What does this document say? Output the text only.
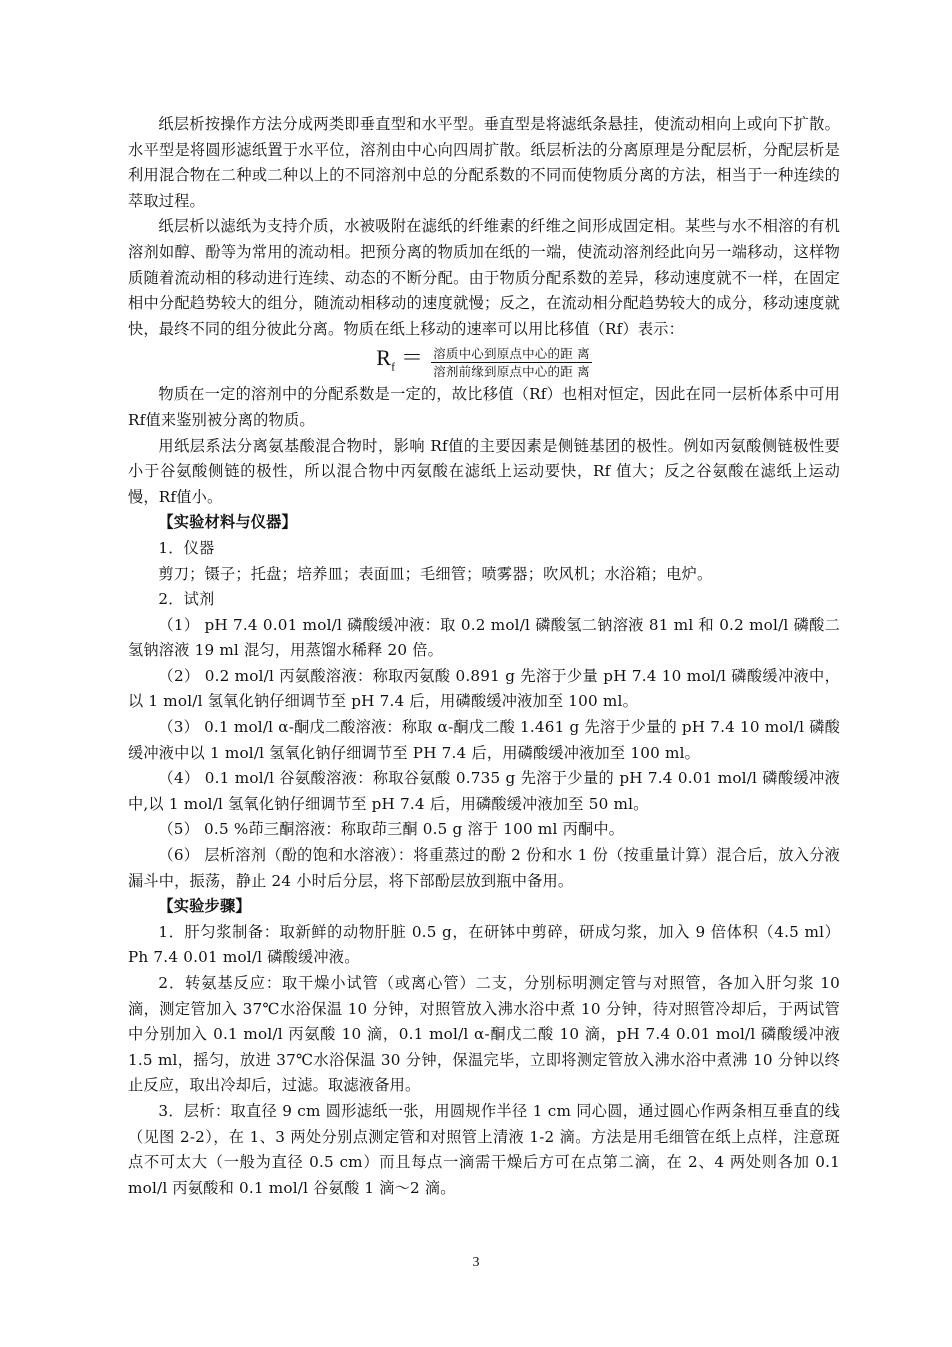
纸层析按操作方法分成两类即垂直型和水平型。垂直型是将滤纸条悬挂，使流动相向上或向下扩散。水平型是将圆形滤纸置于水平位，溶剂由中心向四周扩散。纸层析法的分离原理是分配层析，分配层析是利用混合物在二种或二种以上的不同溶剂中总的分配系数的不同而使物质分离的方法，相当于一种连续的萃取过程。

纸层析以滤纸为支持介质，水被吸附在滤纸的纤维素的纤维之间形成固定相。某些与水不相溶的有机溶剂如醇、酚等为常用的流动相。把预分离的物质加在纸的一端，使流动溶剂经此向另一端移动，这样物质随着流动相的移动进行连续、动态的不断分配。由于物质分配系数的差异，移动速度就不一样，在固定相中分配趋势较大的组分，随流动相移动的速度就慢；反之，在流动相分配趋势较大的成分，移动速度就快，最终不同的组分彼此分离。物质在纸上移动的速率可以用比移值（Rf）表示：

$R_f = \frac{\text{溶质中心到原点中心的距 离}}{\text{溶剂前缘到原点中心的距 离}}$

物质在一定的溶剂中的分配系数是一定的，故比移值（Rf）也相对恒定，因此在同一层析体系中可用 Rf值来鉴别被分离的物质。

用纸层系法分离氨基酸混合物时，影响 Rf值的主要因素是侧链基团的极性。例如丙氨酸侧链极性要小于谷氨酸侧链的极性，所以混合物中丙氨酸在滤纸上运动要快，Rf 值大；反之谷氨酸在滤纸上运动慢，Rf值小。

【实验材料与仪器】

1．仪器

剪刀；镊子；托盘；培养皿；表面皿；毛细管；喷雾器；吹风机；水浴箱；电炉。

2．试剂

（1） pH 7.4 0.01 mol/l 磷酸缓冲液：取 0.2 mol/l 磷酸氢二钠溶液 81 ml 和 0.2 mol/l 磷酸二氢钠溶液 19 ml 混匀，用蒸馏水稀释 20 倍。

（2） 0.2 mol/l 丙氨酸溶液：称取丙氨酸 0.891 g 先溶于少量 pH 7.4 10 mol/l 磷酸缓冲液中，以 1 mol/l 氢氧化钠仔细调节至 pH 7.4 后，用磷酸缓冲液加至 100 ml。

（3） 0.1 mol/l α-酮戊二酸溶液：称取 α-酮戊二酸 1.461 g 先溶于少量的 pH 7.4 10 mol/l 磷酸缓冲液中以 1 mol/l 氢氧化钠仔细调节至 PH 7.4 后，用磷酸缓冲液加至 100 ml。

（4） 0.1 mol/l 谷氨酸溶液：称取谷氨酸 0.735 g 先溶于少量的 pH 7.4 0.01 mol/l 磷酸缓冲液中,以 1 mol/l 氢氧化钠仔细调节至 pH 7.4 后，用磷酸缓冲液加至 50 ml。

（5） 0.5 %茚三酮溶液：称取茚三酮 0.5 g 溶于 100 ml 丙酮中。

（6） 层析溶剂（酚的饱和水溶液）：将重蒸过的酚 2 份和水 1 份（按重量计算）混合后，放入分液漏斗中，振荡，静止 24 小时后分层，将下部酚层放到瓶中备用。

【实验步骤】

1．肝匀浆制备：取新鲜的动物肝脏 0.5 g，在研钵中剪碎，研成匀浆，加入 9 倍体积（4.5 ml）Ph 7.4 0.01 mol/l 磷酸缓冲液。

2．转氨基反应：取干燥小试管（或离心管）二支，分别标明测定管与对照管，各加入肝匀浆 10 滴，测定管加入 37℃水浴保温 10 分钟，对照管放入沸水浴中煮 10 分钟，待对照管冷却后，于两试管中分别加入 0.1 mol/l 丙氨酸 10 滴，0.1 mol/l α-酮戊二酸 10 滴，pH 7.4 0.01 mol/l 磷酸缓冲液 1.5 ml，摇匀，放进 37℃水浴保温 30 分钟，保温完毕，立即将测定管放入沸水浴中煮沸 10 分钟以终止反应，取出冷却后，过滤。取滤液备用。

3．层析：取直径 9 cm 圆形滤纸一张，用圆规作半径 1 cm 同心圆，通过圆心作两条相互垂直的线（见图 2-2），在 1、3 两处分别点测定管和对照管上清液 1-2 滴。方法是用毛细管在纸上点样，注意斑点不可太大（一般为直径 0.5 cm）而且每点一滴需干燥后方可在点第二滴，在 2、4 两处则各加 0.1 mol/l 丙氨酸和 0.1 mol/l 谷氨酸 1 滴～2 滴。

3
